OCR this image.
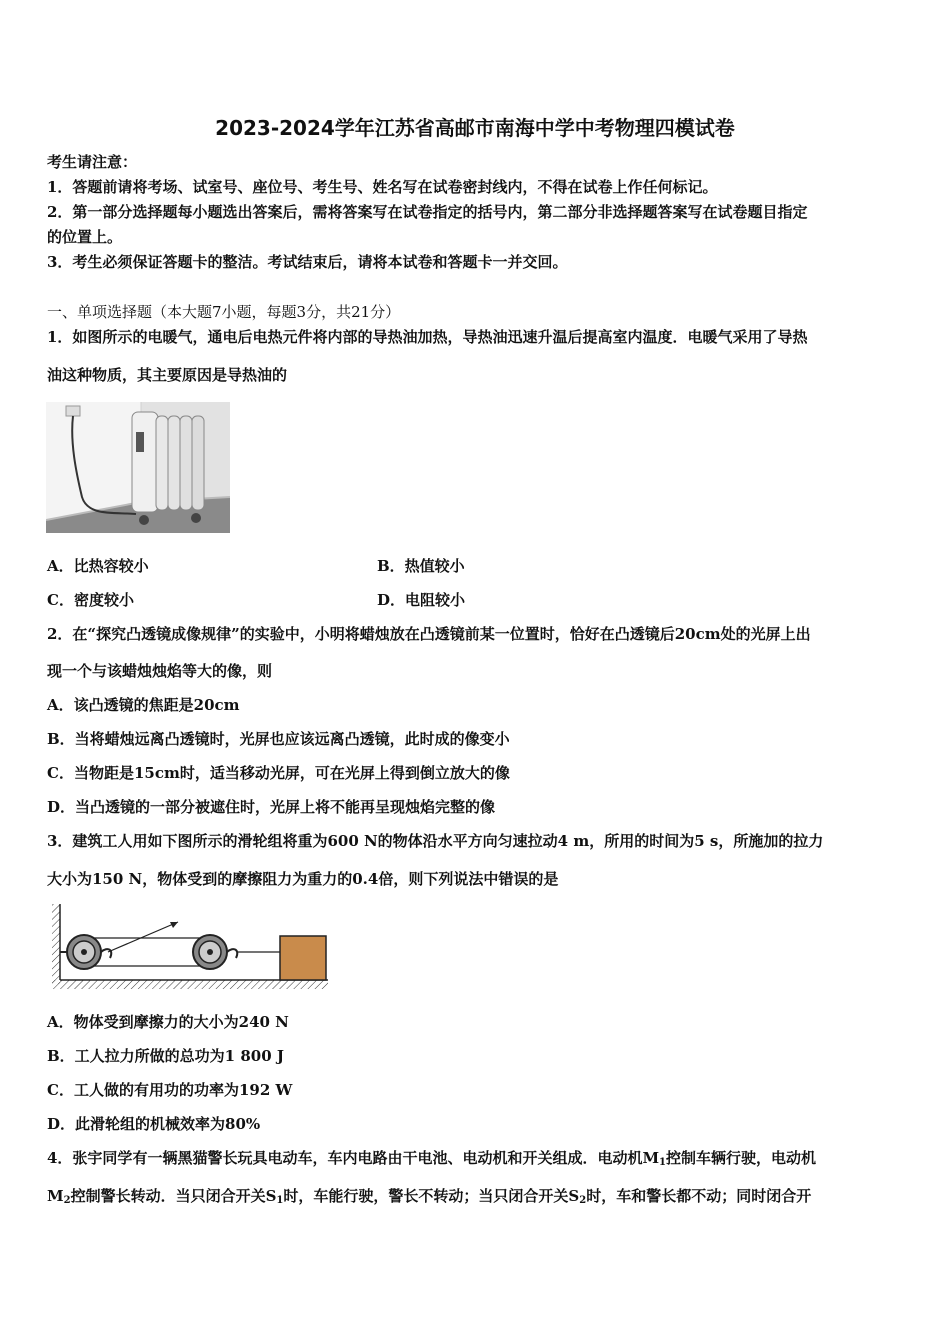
2023-2024学年江苏省高邮市南海中学中考物理四模试卷
考生请注意：
1．答题前请将考场、试室号、座位号、考生号、姓名写在试卷密封线内，不得在试卷上作任何标记。
2．第一部分选择题每小题选出答案后，需将答案写在试卷指定的括号内，第二部分非选择题答案写在试卷题目指定
的位置上。
3．考生必须保证答题卡的整洁。考试结束后，请将本试卷和答题卡一并交回。
一、单项选择题（本大题7小题，每题3分，共21分）
1．如图所示的电暖气，通电后电热元件将内部的导热油加热，导热油迅速升温后提高室内温度．电暖气采用了导热
油这种物质，其主要原因是导热油的
A．比热容较小	B．热值较小
C．密度较小	D．电阻较小
2．在“探究凸透镜成像规律”的实验中，小明将蜡烛放在凸透镜前某一位置时，恰好在凸透镜后20cm处的光屏上出
现一个与该蜡烛烛焰等大的像，则
A．该凸透镜的焦距是20cm
B．当将蜡烛远离凸透镜时，光屏也应该远离凸透镜，此时成的像变小
C．当物距是15cm时，适当移动光屏，可在光屏上得到倒立放大的像
D．当凸透镜的一部分被遮住时，光屏上将不能再呈现烛焰完整的像
3．建筑工人用如下图所示的滑轮组将重为600 N的物体沿水平方向匀速拉动4 m，所用的时间为5 s，所施加的拉力
大小为150 N，物体受到的摩擦阻力为重力的0.4倍，则下列说法中错误的是
A．物体受到摩擦力的大小为240 N
B．工人拉力所做的总功为1 800 J
C．工人做的有用功的功率为192 W
D．此滑轮组的机械效率为80%
4．张宇同学有一辆黑猫警长玩具电动车，车内电路由干电池、电动机和开关组成．电动机$M_1$控制车辆行驶，电动机
$M_2$控制警长转动．当只闭合开关$S_1$时，车能行驶，警长不转动；当只闭合开关$S_2$时，车和警长都不动；同时闭合开
